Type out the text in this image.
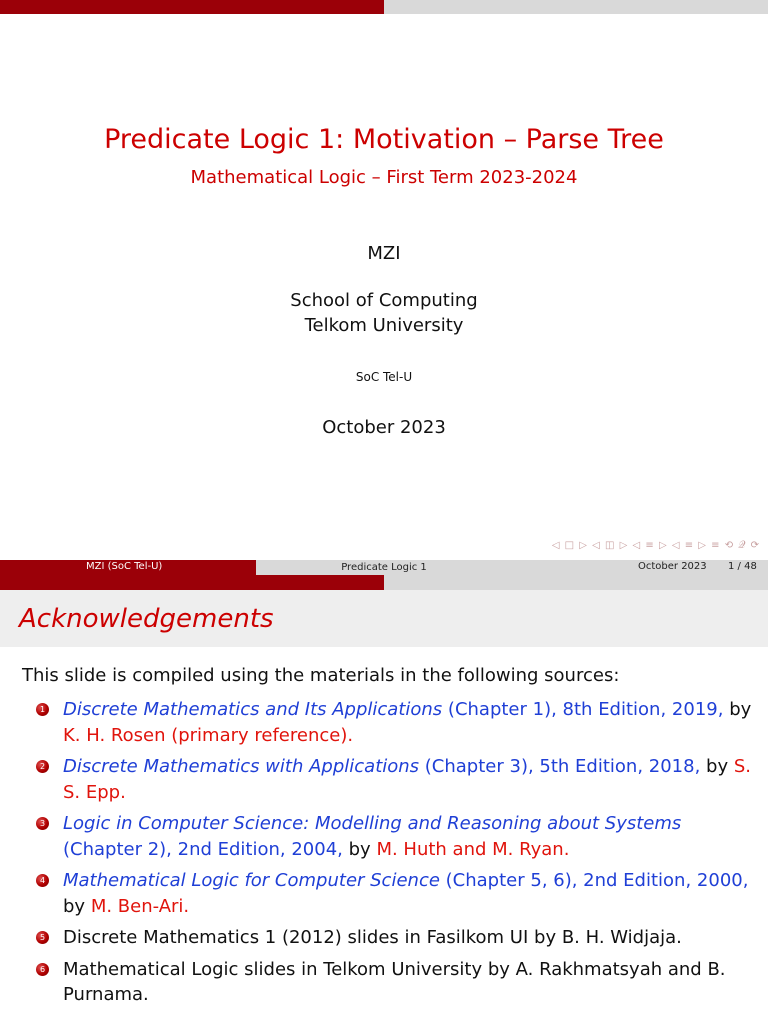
Predicate Logic 1: Motivation – Parse Tree
Mathematical Logic – First Term 2023-2024
MZI
School of Computing
Telkom University
SoC Tel-U
October 2023
◁ □ ▷ ◁ ◫ ▷ ◁ ≡ ▷ ◁ ≡ ▷ ≡ ⟲ 𝒬 ⟳
MZI (SoC Tel-U)	Predicate Logic 1	October 2023 1 / 48
Acknowledgements
This slide is compiled using the materials in the following sources:
1 Discrete Mathematics and Its Applications (Chapter 1), 8th Edition, 2019, by K. H. Rosen (primary reference).
2 Discrete Mathematics with Applications (Chapter 3), 5th Edition, 2018, by S. S. Epp.
3 Logic in Computer Science: Modelling and Reasoning about Systems (Chapter 2), 2nd Edition, 2004, by M. Huth and M. Ryan.
4 Mathematical Logic for Computer Science (Chapter 5, 6), 2nd Edition, 2000, by M. Ben-Ari.
5 Discrete Mathematics 1 (2012) slides in Fasilkom UI by B. H. Widjaja.
6 Mathematical Logic slides in Telkom University by A. Rakhmatsyah and B. Purnama.
